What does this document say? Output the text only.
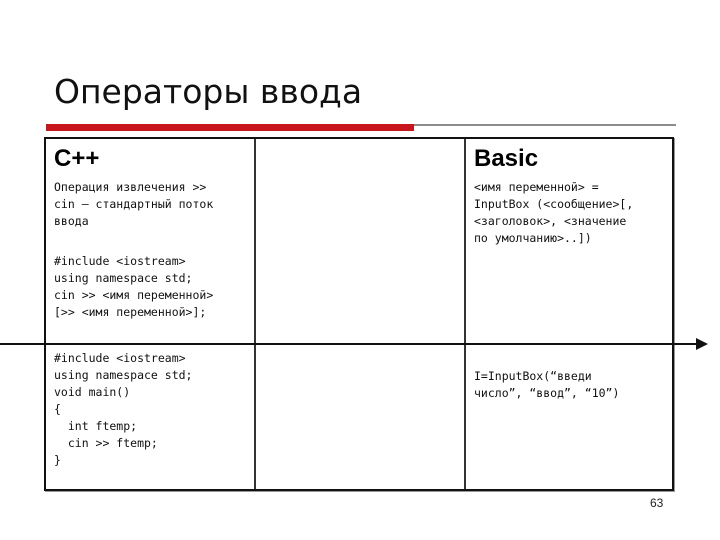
Операторы ввода
С++	Basic
Операция извлечения >>
cin – стандартный поток
ввода
#include <iostream>
using namespace std;
cin >> <имя переменной>
[>> <имя переменной>];
<имя переменной> =
InputBox (<сообщение>[,
<заголовок>, <значение
по умолчанию>..])
#include <iostream>
using namespace std;
void main()
{
int ftemp;
cin >> ftemp;
}
I=InputBox(“введи
число”, “ввод”, “10”)
63
